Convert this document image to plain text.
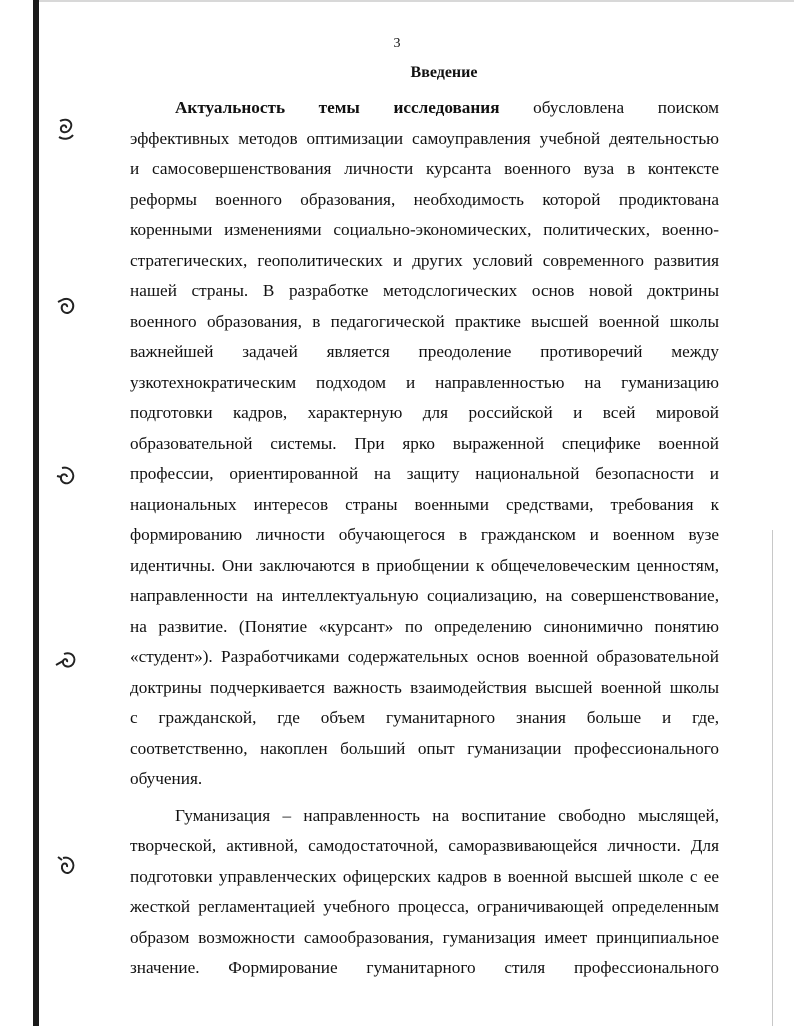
3
Введение
Актуальность темы исследования обусловлена поиском
эффективных методов оптимизации самоуправления учебной деятельностью
и самосовершенствования личности курсанта военного вуза в контексте
реформы военного образования, необходимость которой продиктована
коренными изменениями социально-экономических, политических, военно-
стратегических, геополитических и других условий современного развития
нашей страны. В разработке методслогических основ новой доктрины
военного образования, в педагогической практике высшей военной школы
важнейшей задачей является преодоление противоречий между
узкотехнократическим подходом и направленностью на гуманизацию
подготовки кадров, характерную для российской и всей мировой
образовательной системы. При ярко выраженной специфике военной
профессии, ориентированной на защиту национальной безопасности и
национальных интересов страны военными средствами, требования к
формированию личности обучающегося в гражданском и военном вузе
идентичны. Они заключаются в приобщении к общечеловеческим ценностям,
направленности на интеллектуальную социализацию, на совершенствование,
на развитие. (Понятие «курсант» по определению синонимично понятию
«студент»). Разработчиками содержательных основ военной образовательной
доктрины подчеркивается важность взаимодействия высшей военной школы
с гражданской, где объем гуманитарного знания больше и где,
соответственно, накоплен больший опыт гуманизации профессионального
обучения.
Гуманизация – направленность на воспитание свободно мыслящей,
творческой, активной, самодостаточной, саморазвивающейся личности. Для
подготовки управленческих офицерских кадров в военной высшей школе с ее
жесткой регламентацией учебного процесса, ограничивающей определенным
образом возможности самообразования, гуманизация имеет принципиальное
значение. Формирование гуманитарного стиля профессионального
